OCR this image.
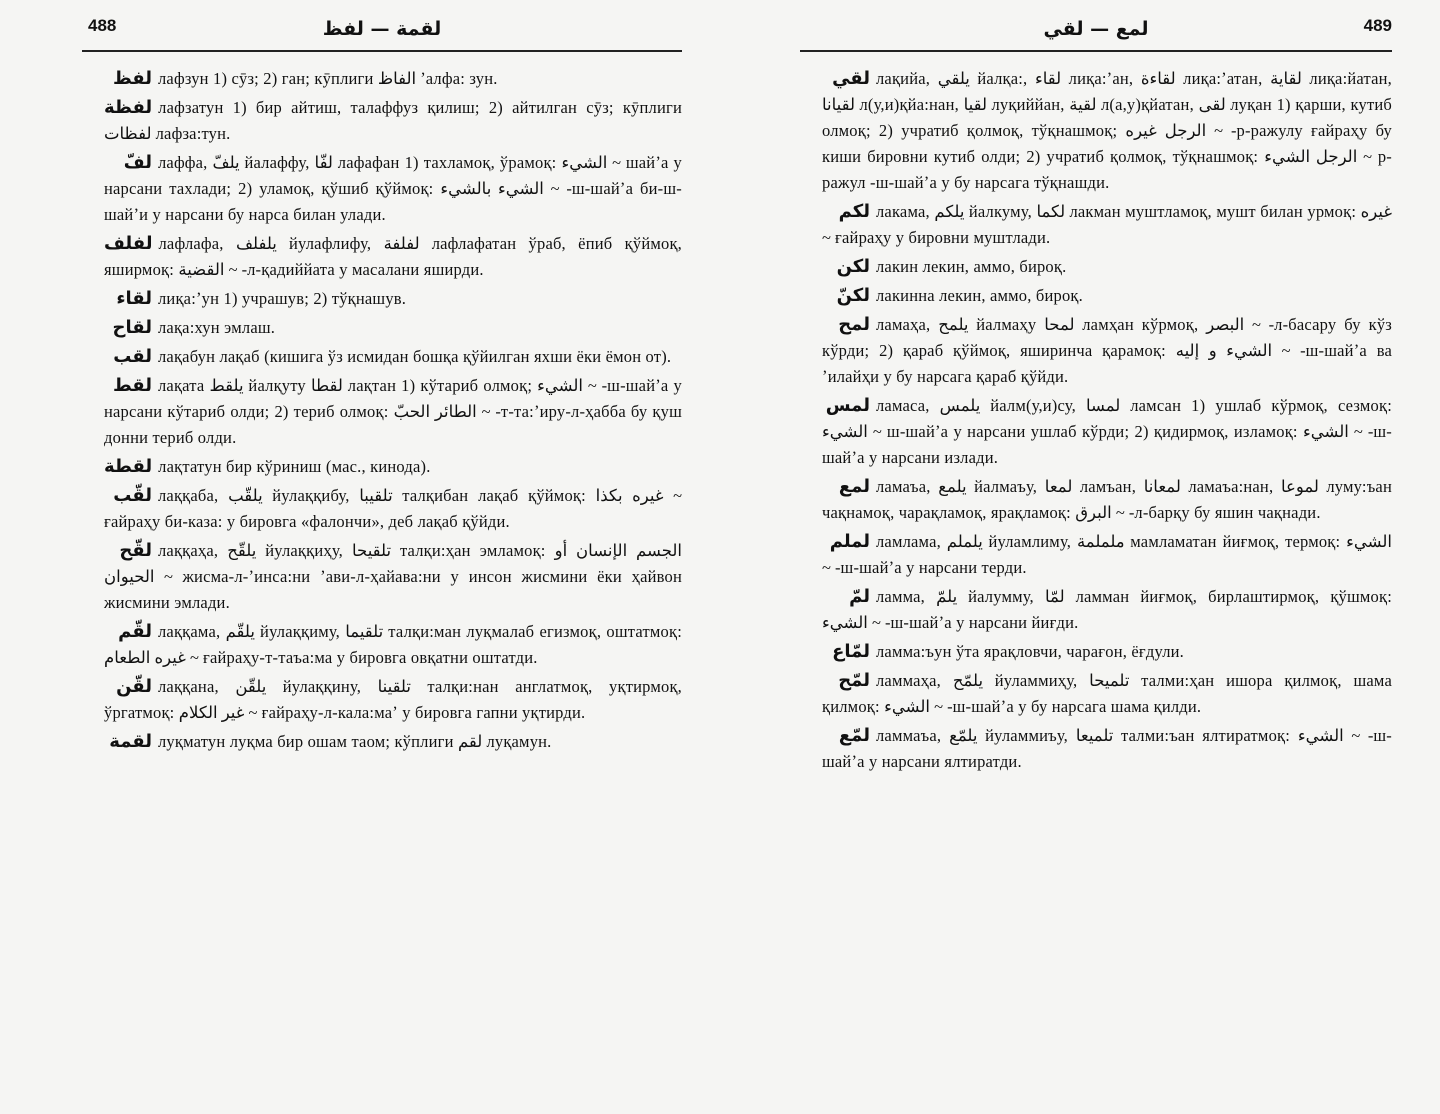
488	لقمة — لفظ

لفظ лафзун 1) сӯз; 2) ган; кӯплиги الفاظ ʼалфа: зун.

لفظة лафзатун 1) бир айтиш, талаффуз қилиш; 2) айтилган сӯз; кӯплиги لفظات лафза:тун.

لفّ лаффа, يلفّ йалаффу, لفّا лафафан 1) тахламоқ, ўрамоқ: الشيء ~ шайʼа у нарсани тахлади; 2) уламоқ, қўшиб қўймоқ: الشيء بالشيء ~ -ш-шайʼа би-ш-шайʼи у нарсани бу нарса билан улади.

لفلف лафлафа, يلفلف йулафлифу, لفلفة лафлафатан ўраб, ёпиб қўймоқ, яширмоқ: القضية ~ -л-қадиййата у масалани яширди.

لقاء лиқа:ʼун 1) учрашув; 2) тўқнашув.

لقاح лақа:хун эмлаш.

لقب лақабун лақаб (кишига ўз исмидан бошқа қўйилган яхши ёки ёмон от).

لقط лақата يلقط йалқуту لقطا лақтан 1) кўтариб олмоқ; الشيء ~ -ш-шайʼа у нарсани кўтариб олди; 2) териб олмоқ: الطائر الحبّ ~ -т-та:ʼиру-л-ҳабба бу қуш донни териб олди.

لقطة лақтатун бир кўриниш (мас., кинода).

لقّب лаққаба, يلقّب йулаққибу, تلقيبا талқибан лақаб қўймоқ: غيره بكذا ~ ғайраҳу би-каза: у бировга «фалончи», деб лақаб қўйди.

لقّح лаққаҳа, يلقّح йулаққиҳу, تلقيحا талқи:ҳан эмламоқ: الجسم الإنسان أو الحيوان ~ жисма-л-ʼинса:ни ʼави-л-ҳайава:ни у инсон жисмини ёки ҳайвон жисмини эмлади.

لقّم лаққама, يلقّم йулаққиму, تلقيما талқи:ман луқмалаб егизмоқ, оштатмоқ: غيره الطعام ~ ғайраҳу-т-таъа:ма у бировга овқатни оштатди.

لقّن лаққана, يلقّن йулаққину, تلقينا талқи:нан англатмоқ, уқтирмоқ, ўргатмоқ: غير الكلام ~ ғайраҳу-л-кала:маʼ у бировга гапни уқтирди.

لقمة луқматун луқма бир ошам таом; кўплиги لقم луқамун.

489
لمع — لقي

لقي лақийа, يلقي йалқа:, لقاء лиқа:ʼан, لقاءة лиқа:ʼатан, لقاية лиқа:йатан, لقيانا л(у,и)қйа:нан, لقيا луқиййан, لقية л(а,у)қйатан, لقى луқан 1) қарши, кутиб олмоқ; 2) учратиб қолмоқ, тўқнашмоқ; الرجل غيره ~ -р-ражулу ғайраҳу бу киши бировни кутиб олди; 2) учратиб қолмоқ, тўқнашмоқ: الرجل الشيء ~ р-ражул -ш-шайʼа у бу нарсага тўқнашди.

لكم лакама, يلكم йалкуму, لكما лакман муштламоқ, мушт билан урмоқ: غيره ~ ғайраҳу у бировни муштлади.

لكن лакин лекин, аммо, бироқ.

لكنّ лакинна лекин, аммо, бироқ.

لمح ламаҳа, يلمح йалмаҳу لمحا ламҳан кўрмоқ, البصر ~ -л-басару бу кўз кўрди; 2) қараб қўймоқ, яширинча қарамоқ: الشيء و إليه ~ -ш-шайʼа ва ʼилайҳи у бу нарсага қараб қўйди.

لمس ламаса, يلمس йалм(у,и)су, لمسا ламсан 1) ушлаб кўрмоқ, сезмоқ: الشيء ~ ш-шайʼа у нарсани ушлаб кўрди; 2) қидирмоқ, изламоқ: الشيء ~ -ш-шайʼа у нарсани излади.

لمع ламаъа, يلمع йалмаъу, لمعا ламъан, لمعانا ламаъа:нан, لموعا луму:ъан чақнамоқ, чарақламоқ, ярақламоқ: البرق ~ -л-барқу бу яшин чақнади.

لملم ламлама, يلملم йуламлиму, ململمة мамламатан йиғмоқ, термоқ: الشيء ~ -ш-шайʼа у нарсани терди.

لمّ ламма, يلمّ йалумму, لمّا ламман йиғмоқ, бирлаштирмоқ, қўшмоқ: الشيء ~ -ш-шайʼа у нарсани йиғди.

لمّاع ламма:ъун ўта ярақловчи, чарағон, ёғдули.

لمّح ламмаҳа, يلمّح йуламмиҳу, تلميحا талми:ҳан ишора қилмоқ, шама қилмоқ: الشيء ~ -ш-шайʼа у бу нарсага шама қилди.

لمّع ламмаъа, يلمّع йуламмиъу, تلميعا талми:ъан ялтиратмоқ: الشيء ~ -ш-шайʼа у нарсани ялтиратди.
